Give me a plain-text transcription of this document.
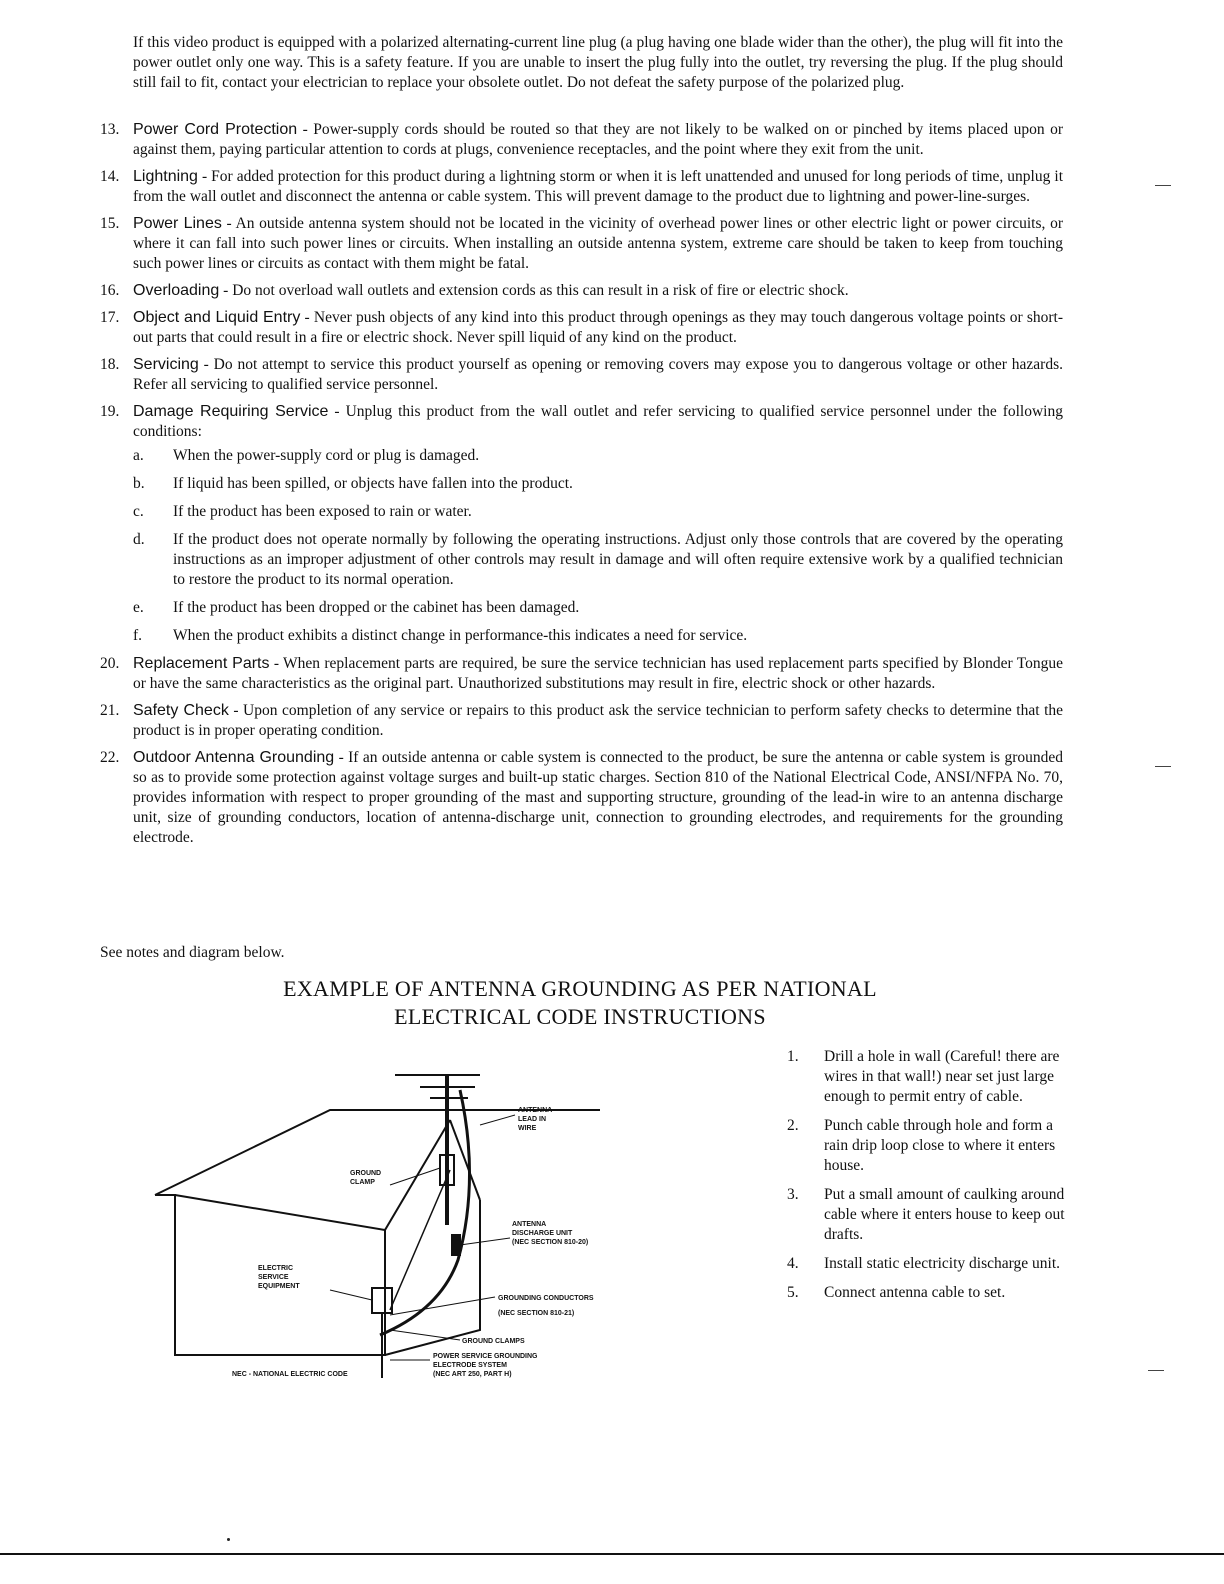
If this video product is equipped with a polarized alternating-current line plug (a plug having one blade wider than the other), the plug will fit into the power outlet only one way. This is a safety feature. If you are unable to insert the plug fully into the outlet, try reversing the plug. If the plug should still fail to fit, contact your electrician to replace your obsolete outlet. Do not defeat the safety purpose of the polarized plug.

13. Power Cord Protection - Power-supply cords should be routed so that they are not likely to be walked on or pinched by items placed upon or against them, paying particular attention to cords at plugs, convenience receptacles, and the point where they exit from the unit.
14. Lightning - For added protection for this product during a lightning storm or when it is left unattended and unused for long periods of time, unplug it from the wall outlet and disconnect the antenna or cable system. This will prevent damage to the product due to lightning and power-line-surges.
15. Power Lines - An outside antenna system should not be located in the vicinity of overhead power lines or other electric light or power circuits, or where it can fall into such power lines or circuits. When installing an outside antenna system, extreme care should be taken to keep from touching such power lines or circuits as contact with them might be fatal.
16. Overloading - Do not overload wall outlets and extension cords as this can result in a risk of fire or electric shock.
17. Object and Liquid Entry - Never push objects of any kind into this product through openings as they may touch dangerous voltage points or short-out parts that could result in a fire or electric shock. Never spill liquid of any kind on the product.
18. Servicing - Do not attempt to service this product yourself as opening or removing covers may expose you to dangerous voltage or other hazards. Refer all servicing to qualified service personnel.
19. Damage Requiring Service - Unplug this product from the wall outlet and refer servicing to qualified service personnel under the following conditions:
a. When the power-supply cord or plug is damaged.
b. If liquid has been spilled, or objects have fallen into the product.
c. If the product has been exposed to rain or water.
d. If the product does not operate normally by following the operating instructions. Adjust only those controls that are covered by the operating instructions as an improper adjustment of other controls may result in damage and will often require extensive work by a qualified technician to restore the product to its normal operation.
e. If the product has been dropped or the cabinet has been damaged.
f. When the product exhibits a distinct change in performance-this indicates a need for service.
20. Replacement Parts - When replacement parts are required, be sure the service technician has used replacement parts specified by Blonder Tongue or have the same characteristics as the original part. Unauthorized substitutions may result in fire, electric shock or other hazards.
21. Safety Check - Upon completion of any service or repairs to this product ask the service technician to perform safety checks to determine that the product is in proper operating condition.
22. Outdoor Antenna Grounding - If an outside antenna or cable system is connected to the product, be sure the antenna or cable system is grounded so as to provide some protection against voltage surges and built-up static charges. Section 810 of the National Electrical Code, ANSI/NFPA No. 70, provides information with respect to proper grounding of the mast and supporting structure, grounding of the lead-in wire to an antenna discharge unit, size of grounding conductors, location of antenna-discharge unit, connection to grounding electrodes, and requirements for the grounding electrode.
See notes and diagram below.
EXAMPLE OF ANTENNA GROUNDING AS PER NATIONAL
ELECTRICAL CODE INSTRUCTIONS
ANTENNA
LEAD IN
WIRE
GROUND
CLAMP
ANTENNA
DISCHARGE UNIT
(NEC SECTION 810-20)
ELECTRIC
SERVICE
EQUIPMENT
GROUNDING CONDUCTORS
(NEC SECTION 810-21)
GROUND CLAMPS
POWER SERVICE GROUNDING
ELECTRODE SYSTEM
(NEC ART 250, PART H)
NEC - NATIONAL ELECTRIC CODE
1. Drill a hole in wall (Careful! there are wires in that wall!) near set just large enough to permit entry of cable.
2. Punch cable through hole and form a rain drip loop close to where it enters house.
3. Put a small amount of caulking around cable where it enters house to keep out drafts.
4. Install static electricity discharge unit.
5. Connect antenna cable to set.
